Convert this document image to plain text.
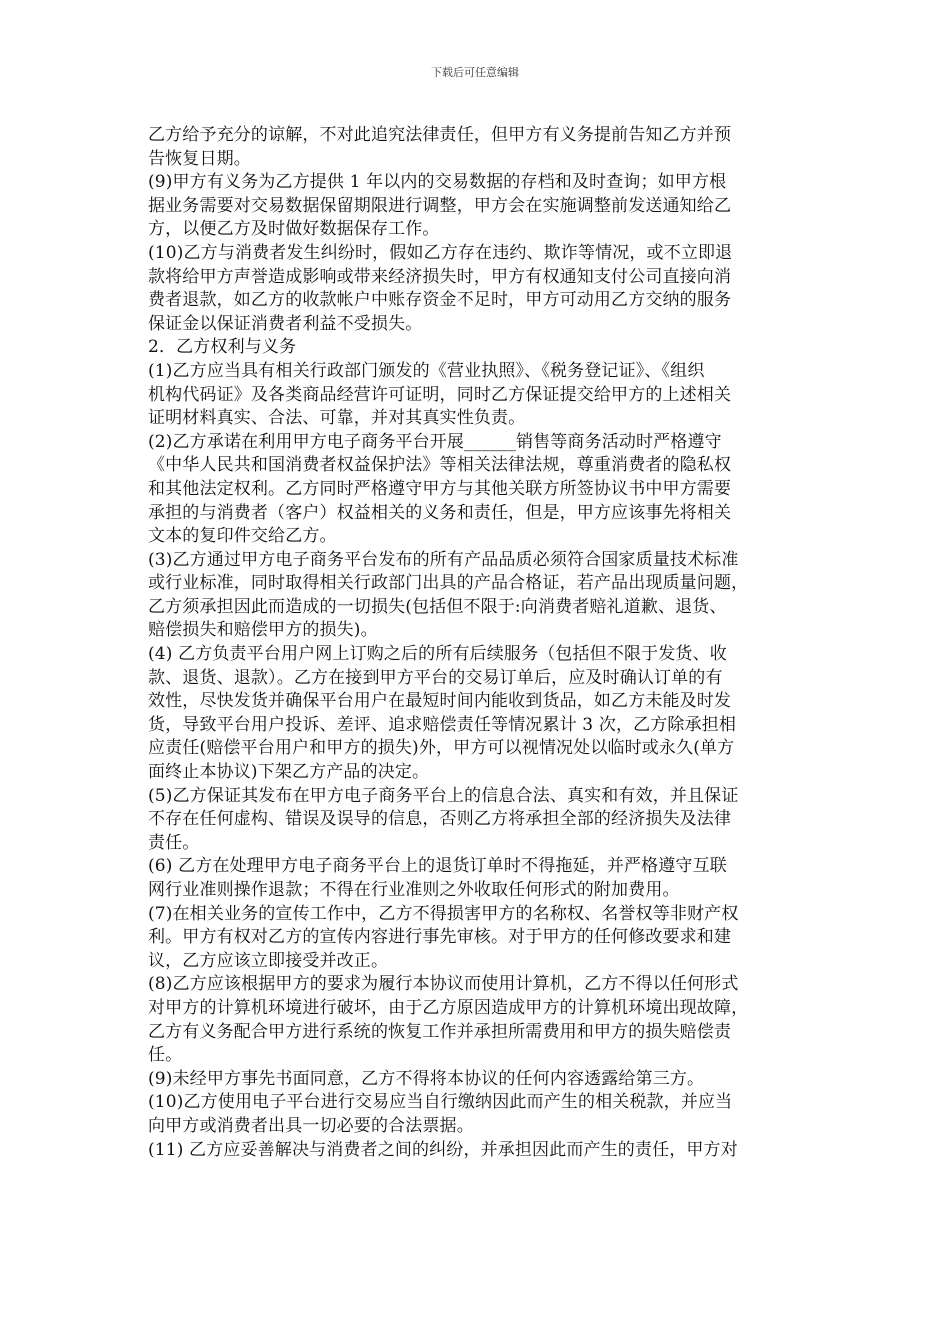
下载后可任意编辑
乙方给予充分的谅解，不对此追究法律责任，但甲方有义务提前告知乙方并预
告恢复日期。
(9)甲方有义务为乙方提供 1 年以内的交易数据的存档和及时查询；如甲方根
据业务需要对交易数据保留期限进行调整，甲方会在实施调整前发送通知给乙
方，以便乙方及时做好数据保存工作。
(10)乙方与消费者发生纠纷时，假如乙方存在违约、欺诈等情况，或不立即退
款将给甲方声誉造成影响或带来经济损失时，甲方有权通知支付公司直接向消
费者退款，如乙方的收款帐户中账存资金不足时，甲方可动用乙方交纳的服务
保证金以保证消费者利益不受损失。
2．乙方权利与义务
(1)乙方应当具有相关行政部门颁发的《营业执照》、《税务登记证》、《组织
机构代码证》及各类商品经营许可证明，同时乙方保证提交给甲方的上述相关
证明材料真实、合法、可靠，并对其真实性负责。
(2)乙方承诺在利用甲方电子商务平台开展______销售等商务活动时严格遵守
《中华人民共和国消费者权益保护法》等相关法律法规，尊重消费者的隐私权
和其他法定权利。乙方同时严格遵守甲方与其他关联方所签协议书中甲方需要
承担的与消费者（客户）权益相关的义务和责任，但是，甲方应该事先将相关
文本的复印件交给乙方。
(3)乙方通过甲方电子商务平台发布的所有产品品质必须符合国家质量技术标准
或行业标准，同时取得相关行政部门出具的产品合格证，若产品出现质量问题，
乙方须承担因此而造成的一切损失(包括但不限于:向消费者赔礼道歉、退货、
赔偿损失和赔偿甲方的损失)。
(4) 乙方负责平台用户网上订购之后的所有后续服务（包括但不限于发货、收
款、退货、退款）。乙方在接到甲方平台的交易订单后，应及时确认订单的有
效性，尽快发货并确保平台用户在最短时间内能收到货品，如乙方未能及时发
货，导致平台用户投诉、差评、追求赔偿责任等情况累计 3 次，乙方除承担相
应责任(赔偿平台用户和甲方的损失)外，甲方可以视情况处以临时或永久(单方
面终止本协议)下架乙方产品的决定。
(5)乙方保证其发布在甲方电子商务平台上的信息合法、真实和有效，并且保证
不存在任何虚构、错误及误导的信息，否则乙方将承担全部的经济损失及法律
责任。
(6) 乙方在处理甲方电子商务平台上的退货订单时不得拖延，并严格遵守互联
网行业准则操作退款；不得在行业准则之外收取任何形式的附加费用。
(7)在相关业务的宣传工作中，乙方不得损害甲方的名称权、名誉权等非财产权
利。甲方有权对乙方的宣传内容进行事先审核。对于甲方的任何修改要求和建
议，乙方应该立即接受并改正。
(8)乙方应该根据甲方的要求为履行本协议而使用计算机，乙方不得以任何形式
对甲方的计算机环境进行破坏，由于乙方原因造成甲方的计算机环境出现故障，
乙方有义务配合甲方进行系统的恢复工作并承担所需费用和甲方的损失赔偿责
任。
(9)未经甲方事先书面同意，乙方不得将本协议的任何内容透露给第三方。
(10)乙方使用电子平台进行交易应当自行缴纳因此而产生的相关税款，并应当
向甲方或消费者出具一切必要的合法票据。
(11) 乙方应妥善解决与消费者之间的纠纷，并承担因此而产生的责任，甲方对
